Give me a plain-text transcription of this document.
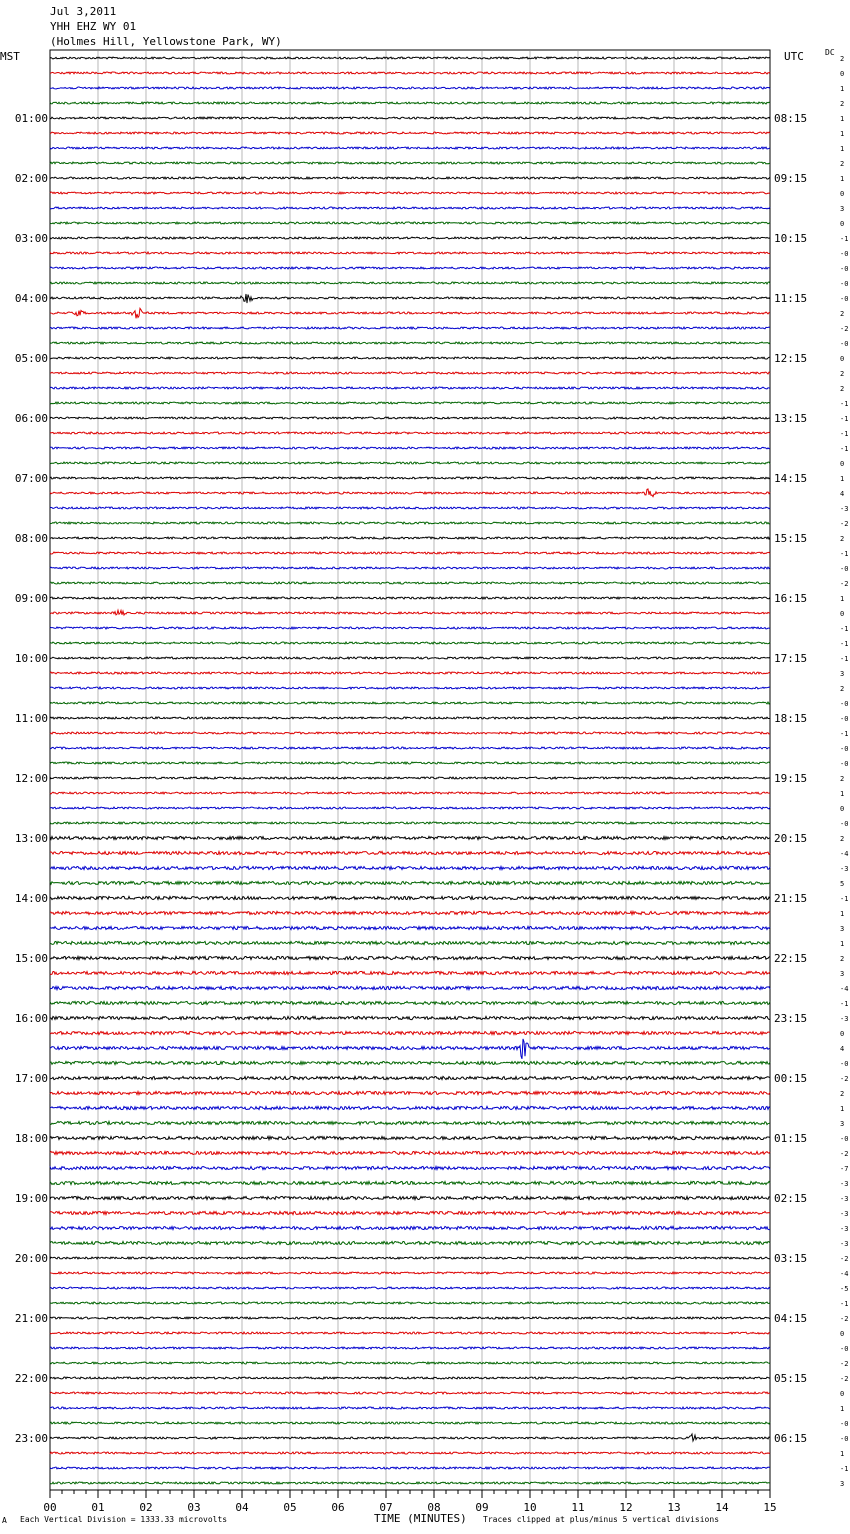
Jul 3,2011
YHH EHZ WY 01
(Holmes Hill, Yellowstone Park, WY)
MST	UTC	DC
2
0
1
2
1
1
1
2
1
0
3
0
-1
-0
-0
-0
-0
2
-2
-0
0
2
2
-1
-1
-1
-1
0
1
4
-3
-2
2
-1
-0
-2
1
0
-1
-1
-1
3
2
-0
-0
-1
-0
-0
2
1
0
-0
2
-4
-3
5
-1
1
3
1
2
3
-4
-1
-3
0
4
-0
-2
2
1
3
-0
-2
-7
-3
-3
-3
-3
-3
-2
-4
-5
-1
-2
0
-0
-2
-2
0
1
-0
-0
1
-1
3
01:00
02:00
03:00
04:00
05:00
06:00
07:00
08:00
09:00
10:00
11:00
12:00
13:00
14:00
15:00
16:00
17:00
18:00
19:00
20:00
21:00
22:00
23:00
08:15
09:15
10:15
11:15
12:15
13:15
14:15
15:15
16:15
17:15
18:15
19:15
20:15
21:15
22:15
23:15
00:15
01:15
02:15
03:15
04:15
05:15
06:15
00	01	02	03	04	05	06	07	08	09	10	11	12	13	14	15
A Each Vertical Division = 1333.33 microvolts	TIME (MINUTES) Traces clipped at plus/minus 5 vertical divisions
